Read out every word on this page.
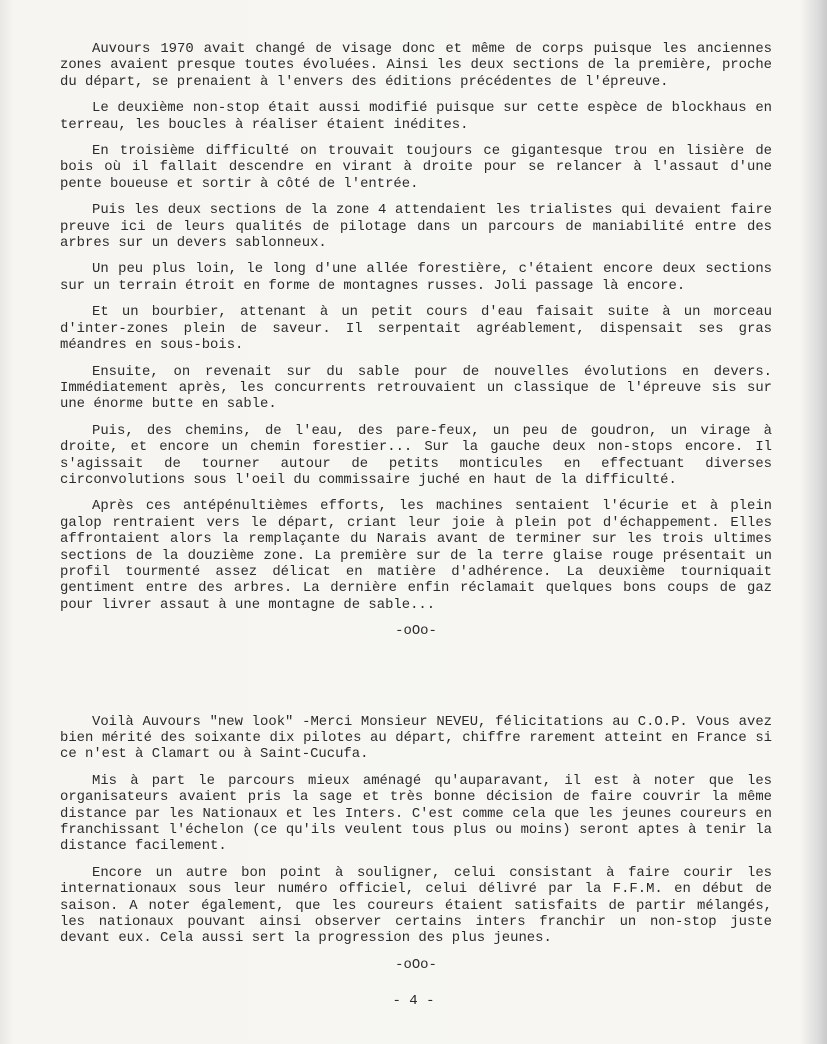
Auvours 1970 avait changé de visage donc et même de corps puisque les anciennes zones avaient presque toutes évoluées. Ainsi les deux sections de la première, proche du départ, se prenaient à l'envers des éditions précédentes de l'épreuve.

Le deuxième non-stop était aussi modifié puisque sur cette espèce de blockhaus en terreau, les boucles à réaliser étaient inédites.

En troisième difficulté on trouvait toujours ce gigantesque trou en lisière de bois où il fallait descendre en virant à droite pour se relancer à l'assaut d'une pente boueuse et sortir à côté de l'entrée.

Puis les deux sections de la zone 4 attendaient les trialistes qui devaient faire preuve ici de leurs qualités de pilotage dans un parcours de maniabilité entre des arbres sur un devers sablonneux.

Un peu plus loin, le long d'une allée forestière, c'étaient encore deux sections sur un terrain étroit en forme de montagnes russes. Joli passage là encore.

Et un bourbier, attenant à un petit cours d'eau faisait suite à un morceau d'inter-zones plein de saveur. Il serpentait agréablement, dispensait ses gras méandres en sous-bois.

Ensuite, on revenait sur du sable pour de nouvelles évolutions en devers. Immédiatement après, les concurrents retrouvaient un classique de l'épreuve sis sur une énorme butte en sable.

Puis, des chemins, de l'eau, des pare-feux, un peu de goudron, un virage à droite, et encore un chemin forestier... Sur la gauche deux non-stops encore. Il s'agissait de tourner autour de petits monticules en effectuant diverses circonvolutions sous l'oeil du commissaire juché en haut de la difficulté.

Après ces antépénultièmes efforts, les machines sentaient l'écurie et à plein galop rentraient vers le départ, criant leur joie à plein pot d'échappement. Elles affrontaient alors la remplaçante du Narais avant de terminer sur les trois ultimes sections de la douzième zone. La première sur de la terre glaise rouge présentait un profil tourmenté assez délicat en matière d'adhérence. La deuxième tourniquait gentiment entre des arbres. La dernière enfin réclamait quelques bons coups de gaz pour livrer assaut à une montagne de sable...

-oOo-

Voilà Auvours "new look" -Merci Monsieur NEVEU, félicitations au C.O.P. Vous avez bien mérité des soixante dix pilotes au départ, chiffre rarement atteint en France si ce n'est à Clamart ou à Saint-Cucufa.

Mis à part le parcours mieux aménagé qu'auparavant, il est à noter que les organisateurs avaient pris la sage et très bonne décision de faire couvrir la même distance par les Nationaux et les Inters. C'est comme cela que les jeunes coureurs en franchissant l'échelon (ce qu'ils veulent tous plus ou moins) seront aptes à tenir la distance facilement.

Encore un autre bon point à souligner, celui consistant à faire courir les internationaux sous leur numéro officiel, celui délivré par la F.F.M. en début de saison. A noter également, que les coureurs étaient satisfaits de partir mélangés, les nationaux pouvant ainsi observer certains inters franchir un non-stop juste devant eux. Cela aussi sert la progression des plus jeunes.

-oOo-

- 4 -
